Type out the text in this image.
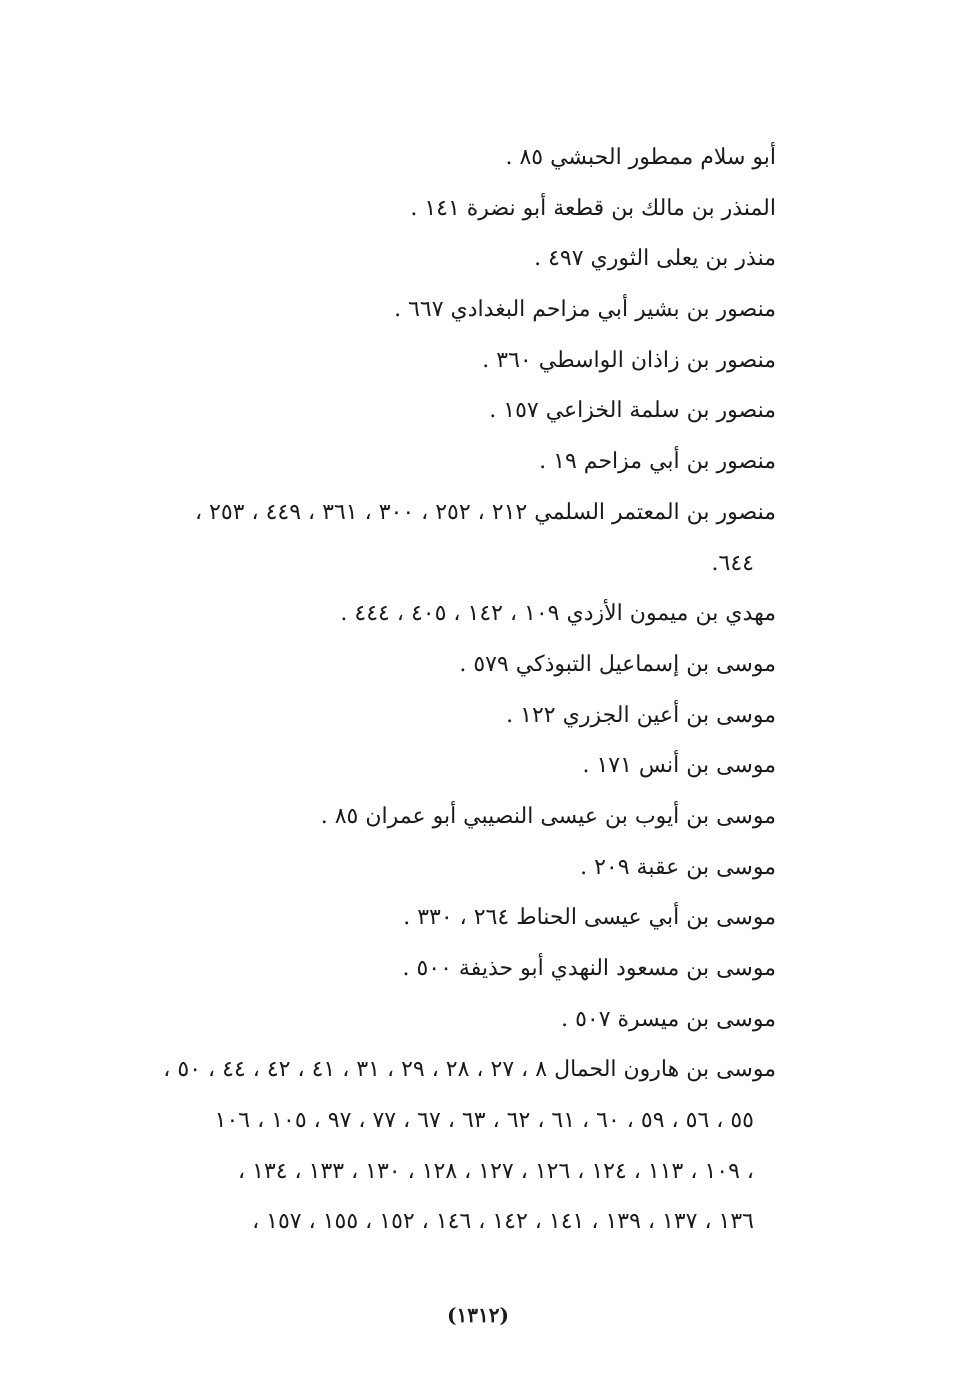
أبو سلام ممطور الحبشي ٨٥ .
المنذر بن مالك بن قطعة أبو نضرة ١٤١ .
منذر بن يعلى الثوري ٤٩٧ .
منصور بن بشير أبي مزاحم البغدادي ٦٦٧ .
منصور بن زاذان الواسطي ٣٦٠ .
منصور بن سلمة الخزاعي ١٥٧ .
منصور بن أبي مزاحم ١٩ .
منصور بن المعتمر السلمي ٢١٢ ، ٢٥٢ ، ٣٠٠ ، ٣٦١ ، ٤٤٩ ، ٢٥٣ ،
٦٤٤.
مهدي بن ميمون الأزدي ١٠٩ ، ١٤٢ ، ٤٠٥ ، ٤٤٤ .
موسى بن إسماعيل التبوذكي ٥٧٩ .
موسى بن أعين الجزري ١٢٢ .
موسى بن أنس ١٧١ .
موسى بن أيوب بن عيسى النصيبي أبو عمران ٨٥ .
موسى بن عقبة ٢٠٩ .
موسى بن أبي عيسى الحناط ٢٦٤ ، ٣٣٠ .
موسى بن مسعود النهدي أبو حذيفة ٥٠٠ .
موسى بن ميسرة ٥٠٧ .
موسى بن هارون الحمال ٨ ، ٢٧ ، ٢٨ ، ٢٩ ، ٣١ ، ٤١ ، ٤٢ ، ٤٤ ، ٥٠ ،
٥٥ ، ٥٦ ، ٥٩ ، ٦٠ ، ٦١ ، ٦٢ ، ٦٣ ، ٦٧ ، ٧٧ ، ٩٧ ، ١٠٥ ، ١٠٦
، ١٠٩ ، ١١٣ ، ١٢٤ ، ١٢٦ ، ١٢٧ ، ١٢٨ ، ١٣٠ ، ١٣٣ ، ١٣٤ ،
١٣٦ ، ١٣٧ ، ١٣٩ ، ١٤١ ، ١٤٢ ، ١٤٦ ، ١٥٢ ، ١٥٥ ، ١٥٧ ،
(١٣١٢)
